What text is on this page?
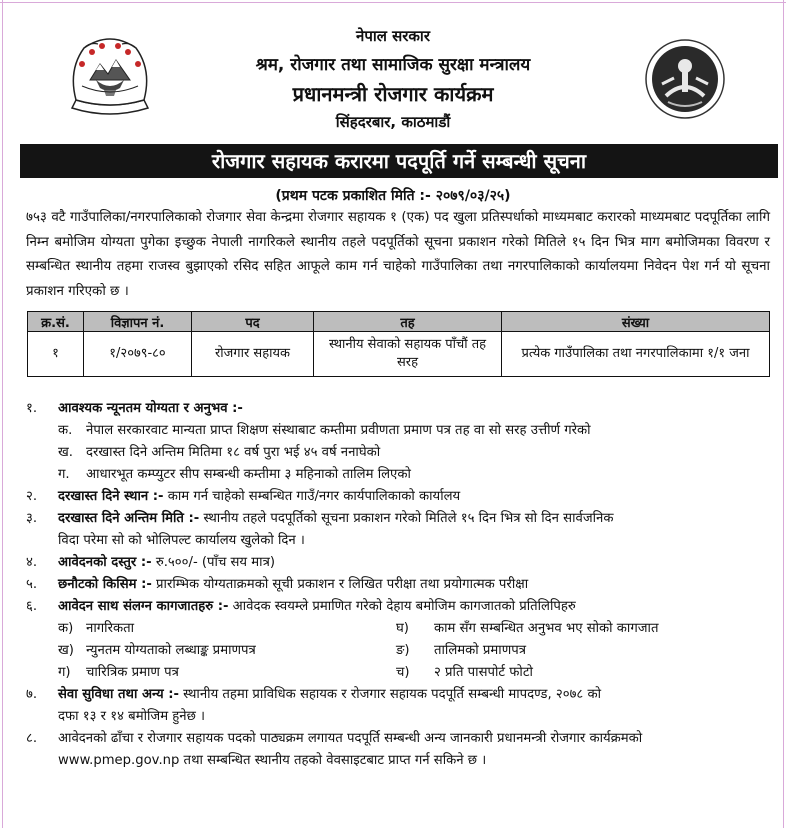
नेपाल सरकार
श्रम, रोजगार तथा सामाजिक सुरक्षा मन्त्रालय
प्रधानमन्त्री रोजगार कार्यक्रम
सिंहदरबार, काठमाडौं
रोजगार सहायक करारमा पदपूर्ति गर्ने सम्बन्धी सूचना
(प्रथम पटक प्रकाशित मिति :- २०७९/०३/२५)
७५३ वटै गाउँपालिका/नगरपालिकाको रोजगार सेवा केन्द्रमा रोजगार सहायक १ (एक) पद खुला प्रतिस्पर्धाको माध्यमबाट करारको माध्यमबाट पदपूर्तिका लागि निम्न बमोजिम योग्यता पुगेका इच्छुक नेपाली नागरिकले स्थानीय तहले पदपूर्तिको सूचना प्रकाशन गरेको मितिले १५ दिन भित्र माग बमोजिमका विवरण र सम्बन्धित स्थानीय तहमा राजस्व बुझाएको रसिद सहित आफूले काम गर्न चाहेको गाउँपालिका तथा नगरपालिकाको कार्यालयमा निवेदन पेश गर्न यो सूचना प्रकाशन गरिएको छ ।
क्र.सं.	विज्ञापन नं.	पद	तह	संख्या
१	१/२०७९-८०	रोजगार सहायक	स्थानीय सेवाको सहायक पाँचौं तह सरह	प्रत्येक गाउँपालिका तथा नगरपालिकामा १/१ जना
१. आवश्यक न्यूनतम योग्यता र अनुभव :-
क. नेपाल सरकारवाट मान्यता प्राप्त शिक्षण संस्थाबाट कम्तीमा प्रवीणता प्रमाण पत्र तह वा सो सरह उत्तीर्ण गरेको
ख. दरखास्त दिने अन्तिम मितिमा १८ वर्ष पुरा भई ४५ वर्ष ननाघेको
ग. आधारभूत कम्प्युटर सीप सम्बन्धी कम्तीमा ३ महिनाको तालिम लिएको
२. दरखास्त दिने स्थान :- काम गर्न चाहेको सम्बन्धित गाउँ/नगर कार्यपालिकाको कार्यालय
३. दरखास्त दिने अन्तिम मिति :- स्थानीय तहले पदपूर्तिको सूचना प्रकाशन गरेको मितिले १५ दिन भित्र सो दिन सार्वजनिक
विदा परेमा सो को भोलिपल्ट कार्यालय खुलेको दिन ।
४. आवेदनको दस्तुर :- रु.५००/- (पाँच सय मात्र)
५. छनौटको किसिम :- प्रारम्भिक योग्यताक्रमको सूची प्रकाशन र लिखित परीक्षा तथा प्रयोगात्मक परीक्षा
६. आवेदन साथ संलग्न कागजातहरु :- आवेदक स्वयम्ले प्रमाणित गरेको देहाय बमोजिम कागजातको प्रतिलिपिहरु
क) नागरिकता	घ) काम सँग सम्बन्धित अनुभव भए सोको कागजात
ख) न्युनतम योग्यताको लब्धाङ्क प्रमाणपत्र	ङ) तालिमको प्रमाणपत्र
ग) चारित्रिक प्रमाण पत्र	च) २ प्रति पासपोर्ट फोटो
७. सेवा सुविधा तथा अन्य :- स्थानीय तहमा प्राविधिक सहायक र रोजगार सहायक पदपूर्ति सम्बन्धी मापदण्ड, २०७८ को
दफा १३ र १४ बमोजिम हुनेछ ।
८. आवेदनको ढाँचा र रोजगार सहायक पदको पाठ्यक्रम लगायत पदपूर्ति सम्बन्धी अन्य जानकारी प्रधानमन्त्री रोजगार कार्यक्रमको
www.pmep.gov.np तथा सम्बन्धित स्थानीय तहको वेवसाइटबाट प्राप्त गर्न सकिने छ ।
